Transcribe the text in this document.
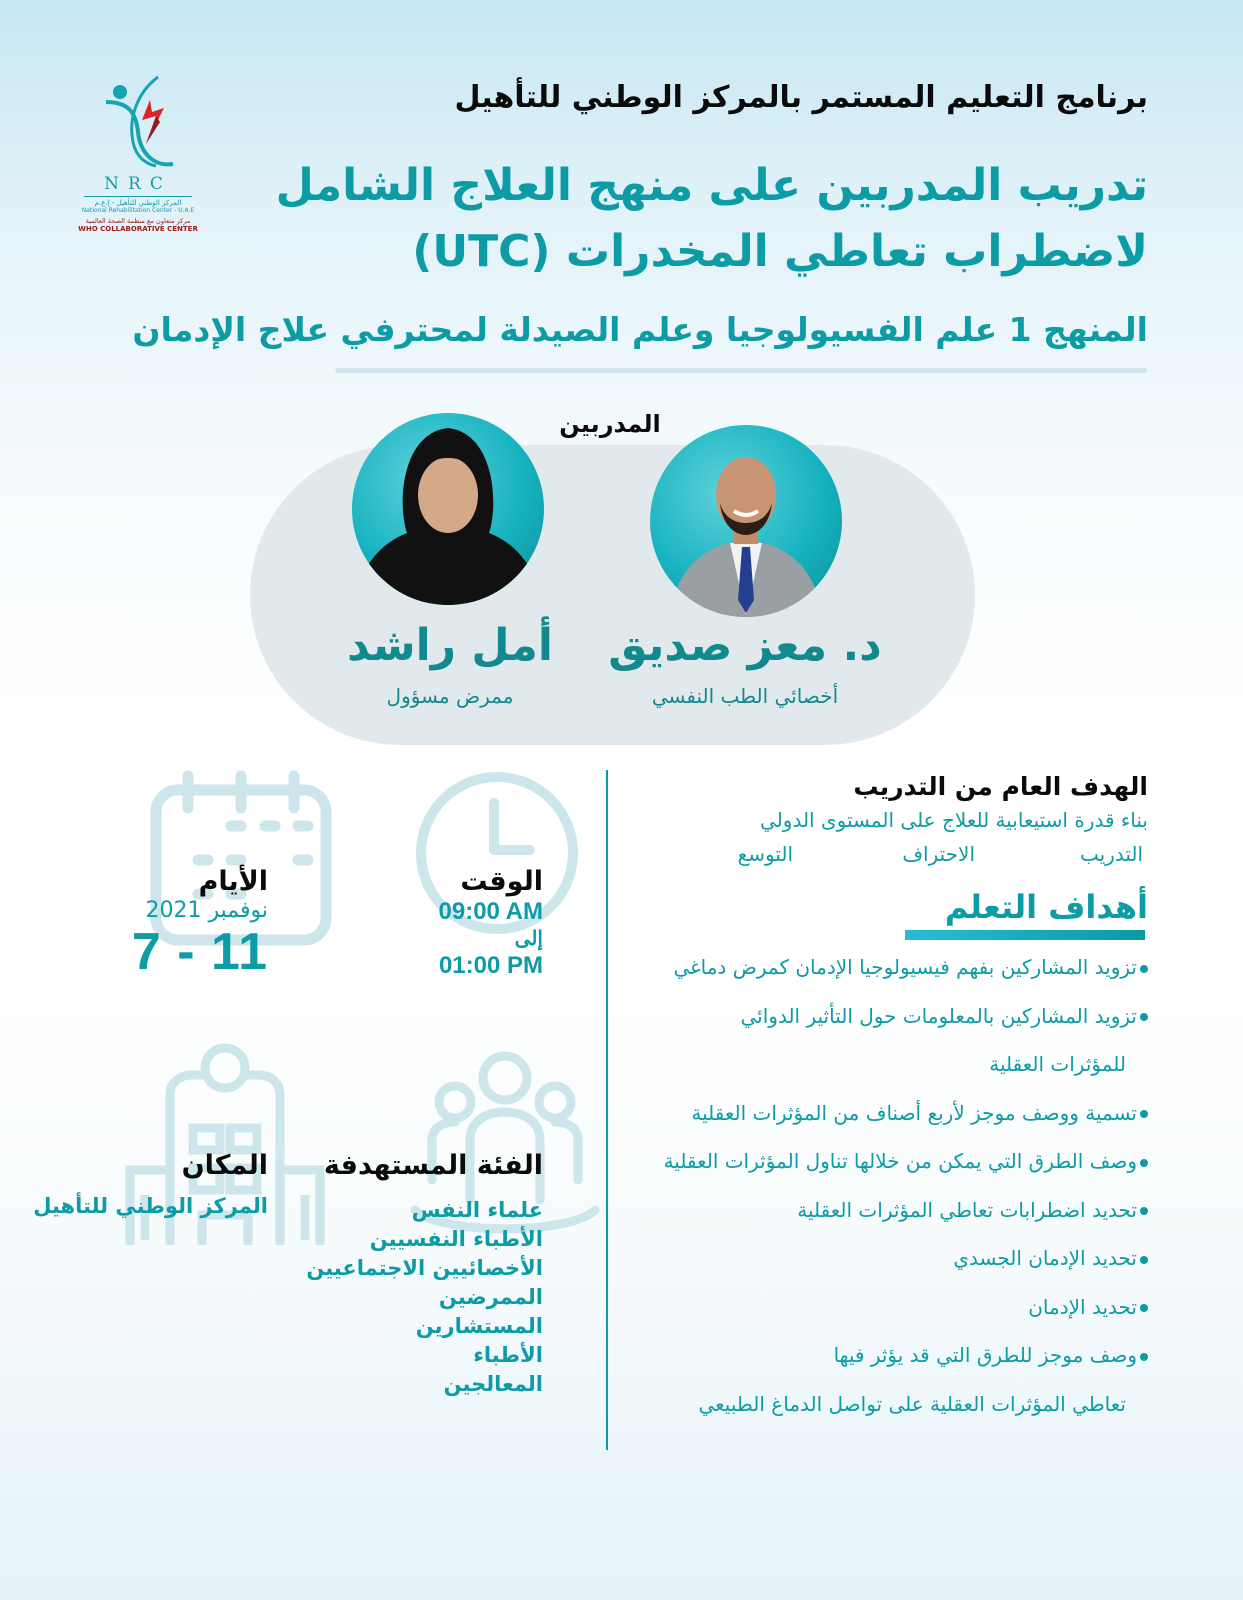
NRC
المركز الوطني للتأهيل - إ.ع.م
National Rehabilitation Center - U.A.E
مركز متعاون مع منظمة الصحة العالمية
WHO COLLABORATIVE CENTER
برنامج التعليم المستمر بالمركز الوطني للتأهيل
تدريب المدربين على منهج العلاج الشامل
لاضطراب تعاطي المخدرات (UTC)
المنهج 1 علم الفسيولوجيا وعلم الصيدلة لمحترفي علاج الإدمان
المدربين
د. معز صديق
أخصائي الطب النفسي
أمل راشد
ممرض مسؤول
الهدف العام من التدريب
بناء قدرة استيعابية للعلاج على المستوى الدولي
التدريب
الاحتراف
التوسع
أهداف التعلم
تزويد المشاركين بفهم فيسيولوجيا الإدمان كمرض دماغي
تزويد المشاركين بالمعلومات حول التأثير الدوائي
للمؤثرات العقلية
تسمية ووصف موجز لأربع أصناف من المؤثرات العقلية
وصف الطرق التي يمكن من خلالها تناول المؤثرات العقلية
تحديد اضطرابات تعاطي المؤثرات العقلية
تحديد الإدمان الجسدي
تحديد الإدمان
وصف موجز للطرق التي قد يؤثر فيها
تعاطي المؤثرات العقلية على تواصل الدماغ الطبيعي
الأيام
نوفمبر 2021
7 - 11
الوقت
09:00 AM
إلى
01:00 PM
الفئة المستهدفة
علماء النفس
الأطباء النفسيين
الأخصائيين الاجتماعيين
الممرضين
المستشارين
الأطباء
المعالجين
المكان
المركز الوطني للتأهيل
